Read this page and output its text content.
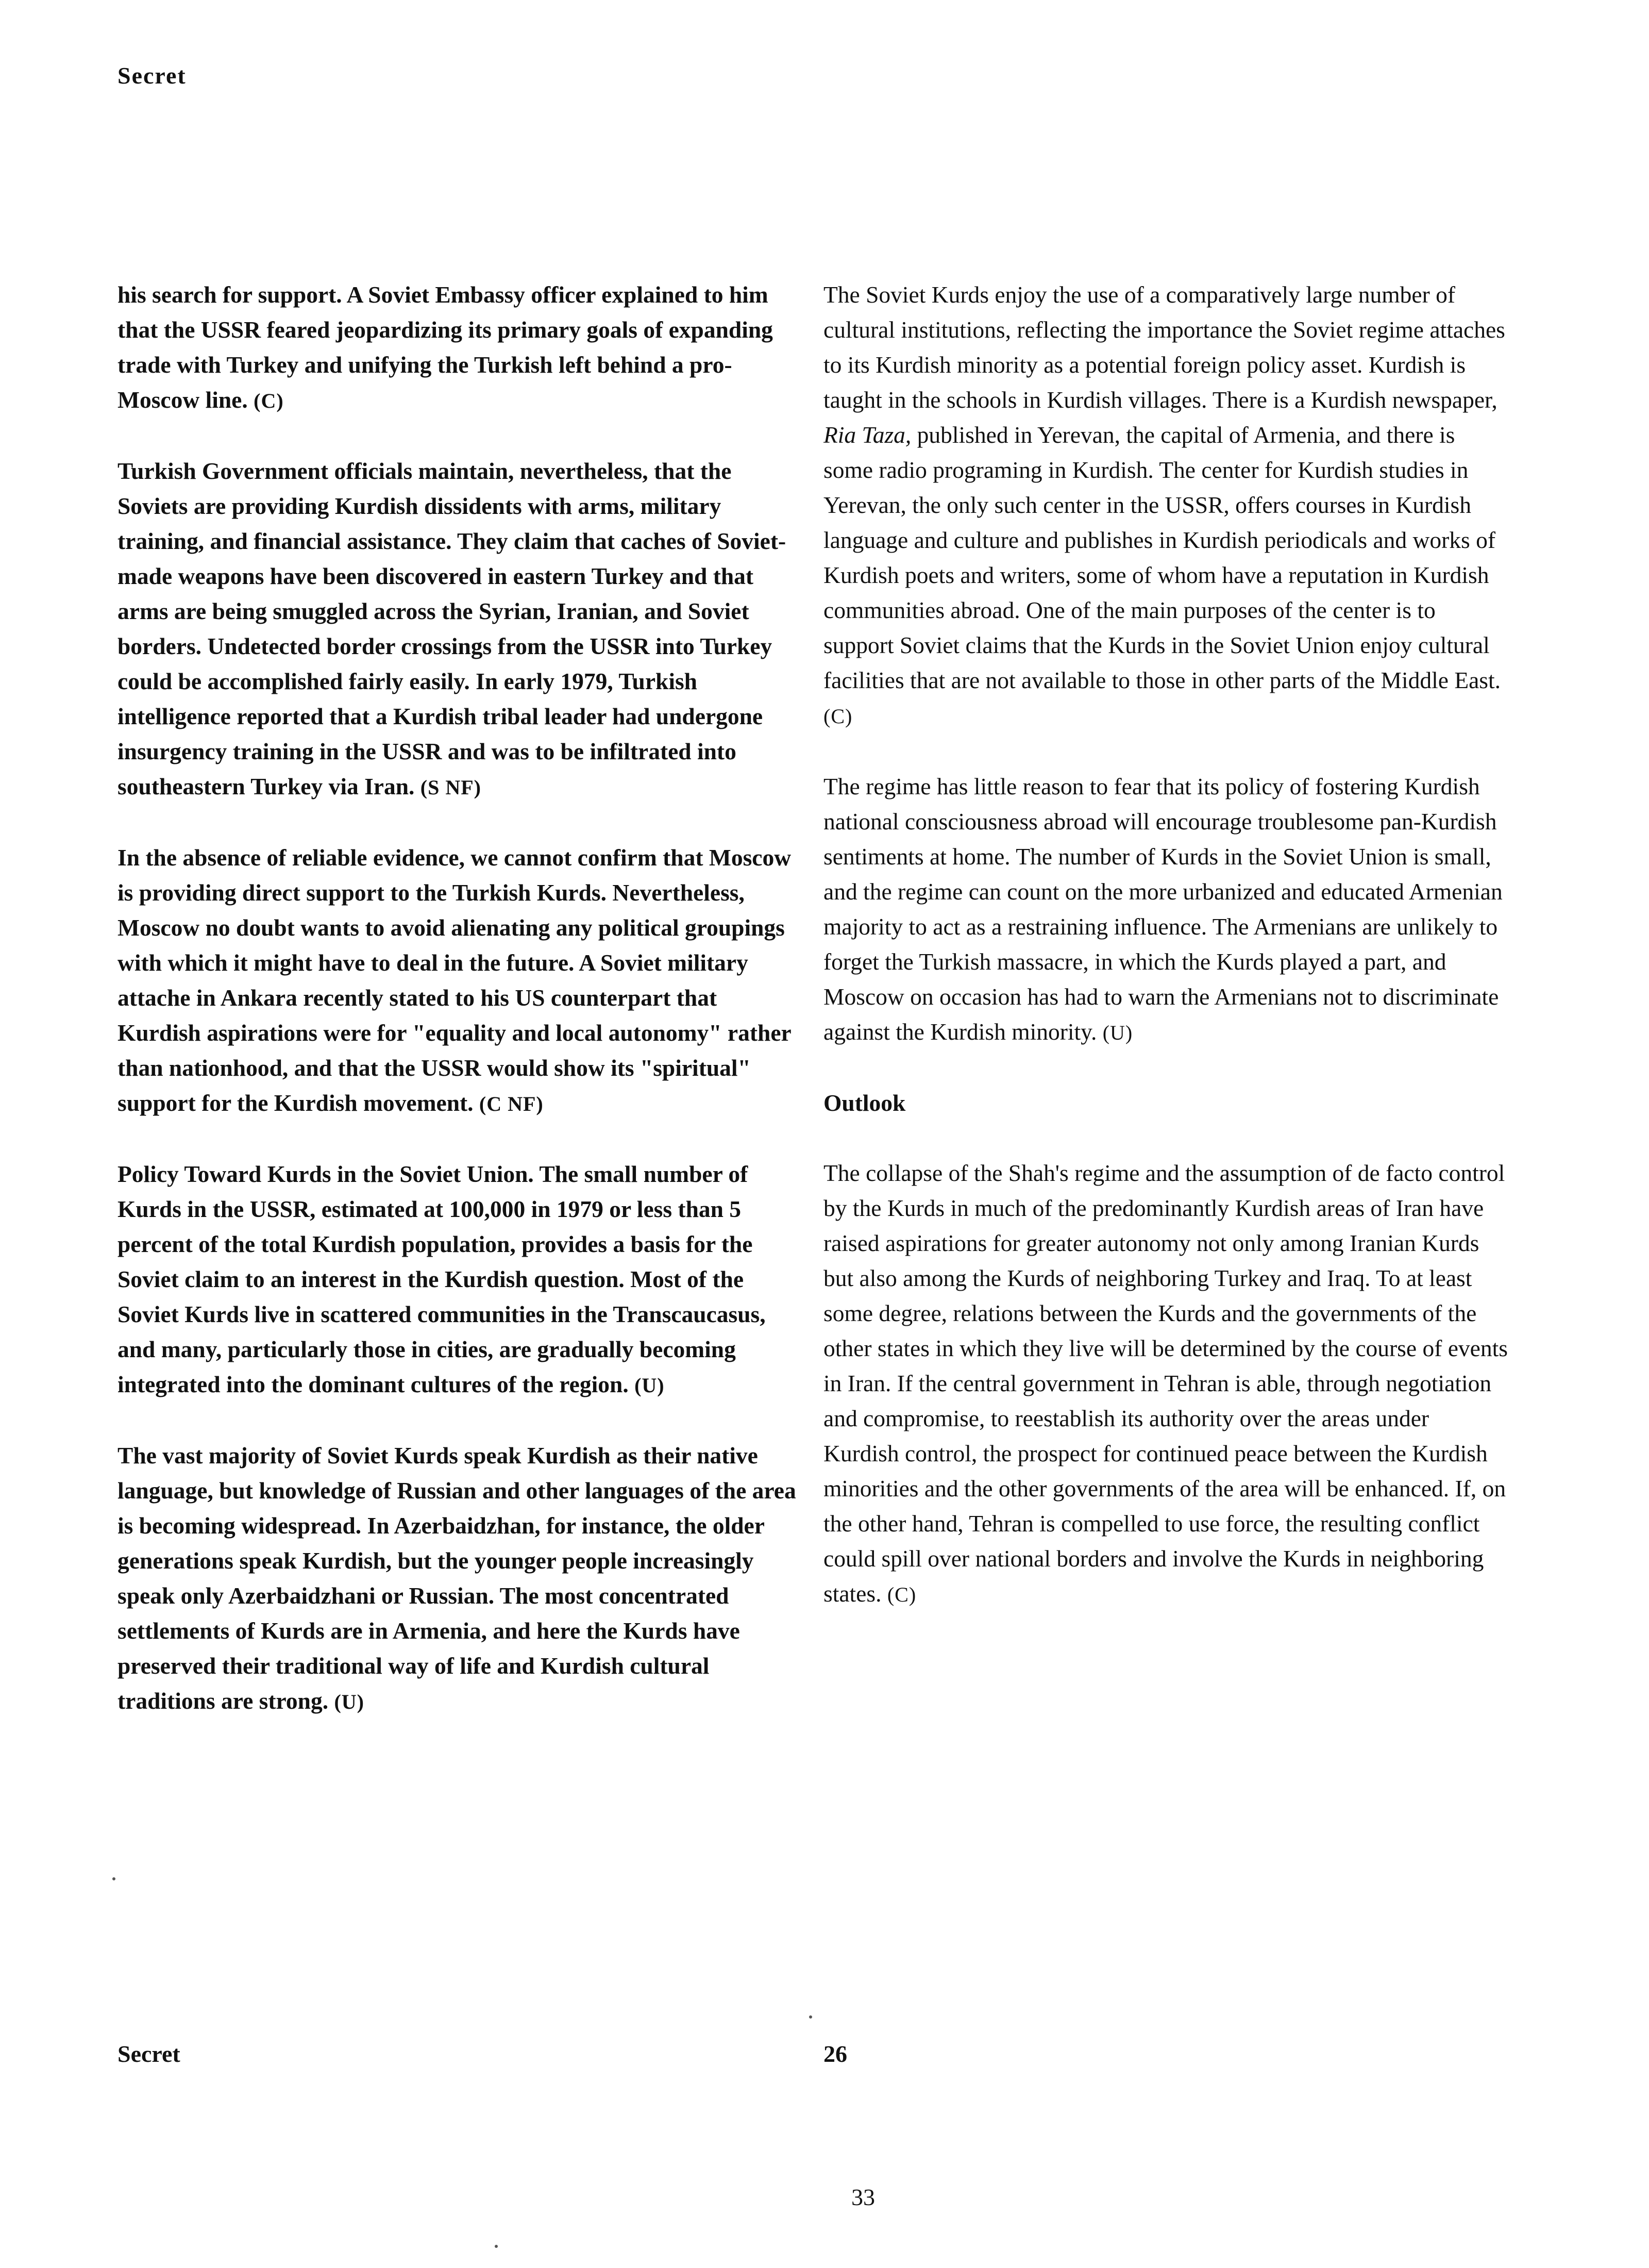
Secret

his search for support. A Soviet Embassy officer explained to him that the USSR feared jeopardizing its primary goals of expanding trade with Turkey and unifying the Turkish left behind a pro-Moscow line. (C)

Turkish Government officials maintain, nevertheless, that the Soviets are providing Kurdish dissidents with arms, military training, and financial assistance. They claim that caches of Soviet-made weapons have been discovered in eastern Turkey and that arms are being smuggled across the Syrian, Iranian, and Soviet borders. Undetected border crossings from the USSR into Turkey could be accomplished fairly easily. In early 1979, Turkish intelligence reported that a Kurdish tribal leader had undergone insurgency training in the USSR and was to be infiltrated into southeastern Turkey via Iran. (S NF)

In the absence of reliable evidence, we cannot confirm that Moscow is providing direct support to the Turkish Kurds. Nevertheless, Moscow no doubt wants to avoid alienating any political groupings with which it might have to deal in the future. A Soviet military attache in Ankara recently stated to his US counterpart that Kurdish aspirations were for "equality and local autonomy" rather than nationhood, and that the USSR would show its "spiritual" support for the Kurdish movement. (C NF)

Policy Toward Kurds in the Soviet Union. The small number of Kurds in the USSR, estimated at 100,000 in 1979 or less than 5 percent of the total Kurdish population, provides a basis for the Soviet claim to an interest in the Kurdish question. Most of the Soviet Kurds live in scattered communities in the Transcaucasus, and many, particularly those in cities, are gradually becoming integrated into the dominant cultures of the region. (U)

The vast majority of Soviet Kurds speak Kurdish as their native language, but knowledge of Russian and other languages of the area is becoming widespread. In Azerbaidzhan, for instance, the older generations speak Kurdish, but the younger people increasingly speak only Azerbaidzhani or Russian. The most concentrated settlements of Kurds are in Armenia, and here the Kurds have preserved their traditional way of life and Kurdish cultural traditions are strong. (U)

The Soviet Kurds enjoy the use of a comparatively large number of cultural institutions, reflecting the importance the Soviet regime attaches to its Kurdish minority as a potential foreign policy asset. Kurdish is taught in the schools in Kurdish villages. There is a Kurdish newspaper, Ria Taza, published in Yerevan, the capital of Armenia, and there is some radio programing in Kurdish. The center for Kurdish studies in Yerevan, the only such center in the USSR, offers courses in Kurdish language and culture and publishes in Kurdish periodicals and works of Kurdish poets and writers, some of whom have a reputation in Kurdish communities abroad. One of the main purposes of the center is to support Soviet claims that the Kurds in the Soviet Union enjoy cultural facilities that are not available to those in other parts of the Middle East. (C)

The regime has little reason to fear that its policy of fostering Kurdish national consciousness abroad will encourage troublesome pan-Kurdish sentiments at home. The number of Kurds in the Soviet Union is small, and the regime can count on the more urbanized and educated Armenian majority to act as a restraining influence. The Armenians are unlikely to forget the Turkish massacre, in which the Kurds played a part, and Moscow on occasion has had to warn the Armenians not to discriminate against the Kurdish minority. (U)

Outlook

The collapse of the Shah's regime and the assumption of de facto control by the Kurds in much of the predominantly Kurdish areas of Iran have raised aspirations for greater autonomy not only among Iranian Kurds but also among the Kurds of neighboring Turkey and Iraq. To at least some degree, relations between the Kurds and the governments of the other states in which they live will be determined by the course of events in Iran. If the central government in Tehran is able, through negotiation and compromise, to reestablish its authority over the areas under Kurdish control, the prospect for continued peace between the Kurdish minorities and the other governments of the area will be enhanced. If, on the other hand, Tehran is compelled to use force, the resulting conflict could spill over national borders and involve the Kurds in neighboring states. (C)

Secret	26
33
